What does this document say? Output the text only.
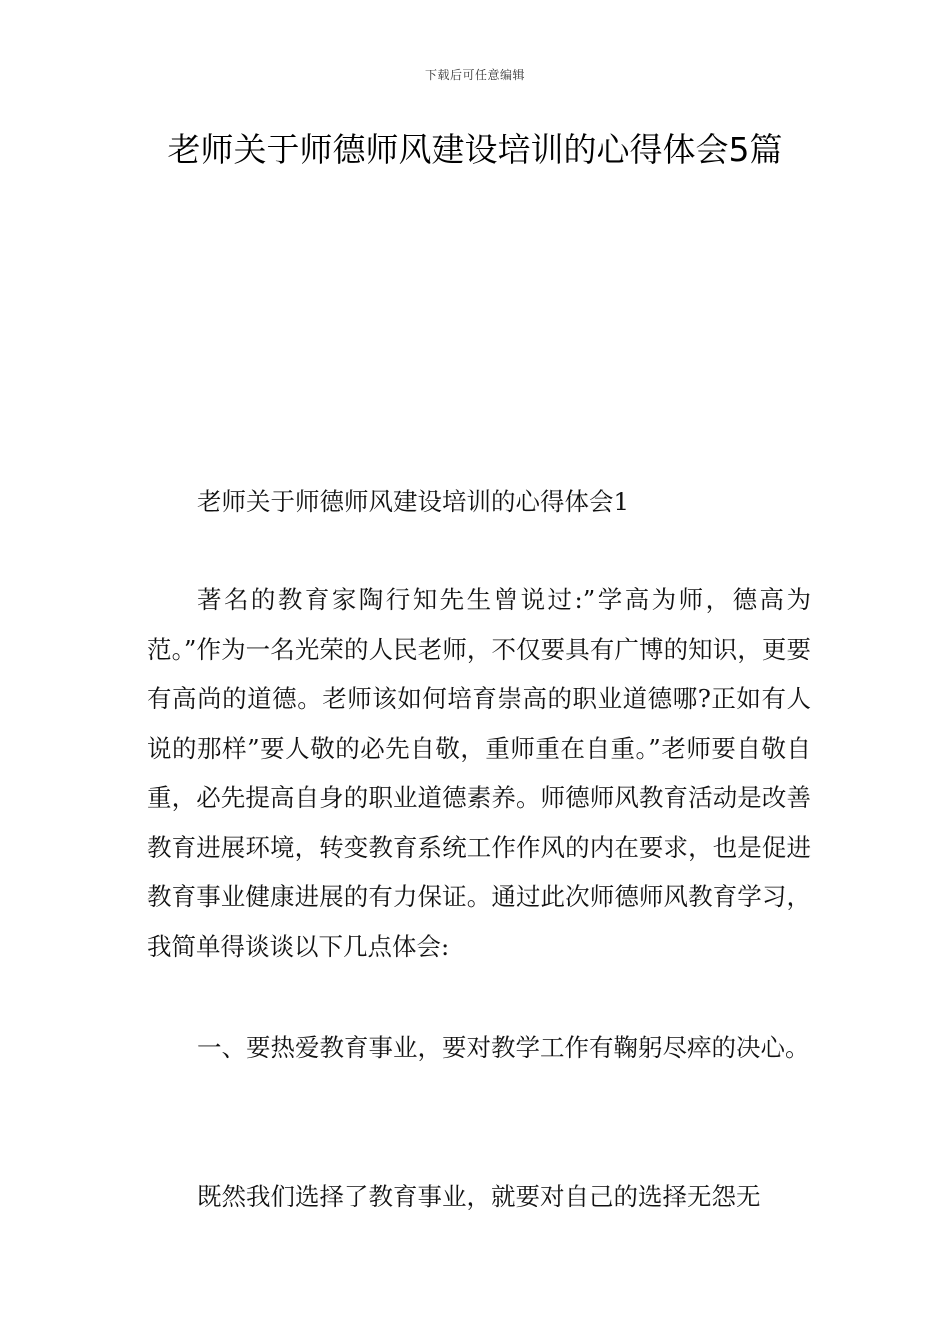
下载后可任意编辑
老师关于师德师风建设培训的心得体会5篇
老师关于师德师风建设培训的心得体会1
著名的教育家陶行知先生曾说过:”学高为师，德高为范。”作为一名光荣的人民老师，不仅要具有广博的知识，更要有高尚的道德。老师该如何培育崇高的职业道德哪?正如有人说的那样”要人敬的必先自敬，重师重在自重。”老师要自敬自重，必先提高自身的职业道德素养。师德师风教育活动是改善教育进展环境，转变教育系统工作作风的内在要求，也是促进教育事业健康进展的有力保证。通过此次师德师风教育学习，我简单得谈谈以下几点体会:
一、要热爱教育事业，要对教学工作有鞠躬尽瘁的决心。
既然我们选择了教育事业，就要对自己的选择无怨无
